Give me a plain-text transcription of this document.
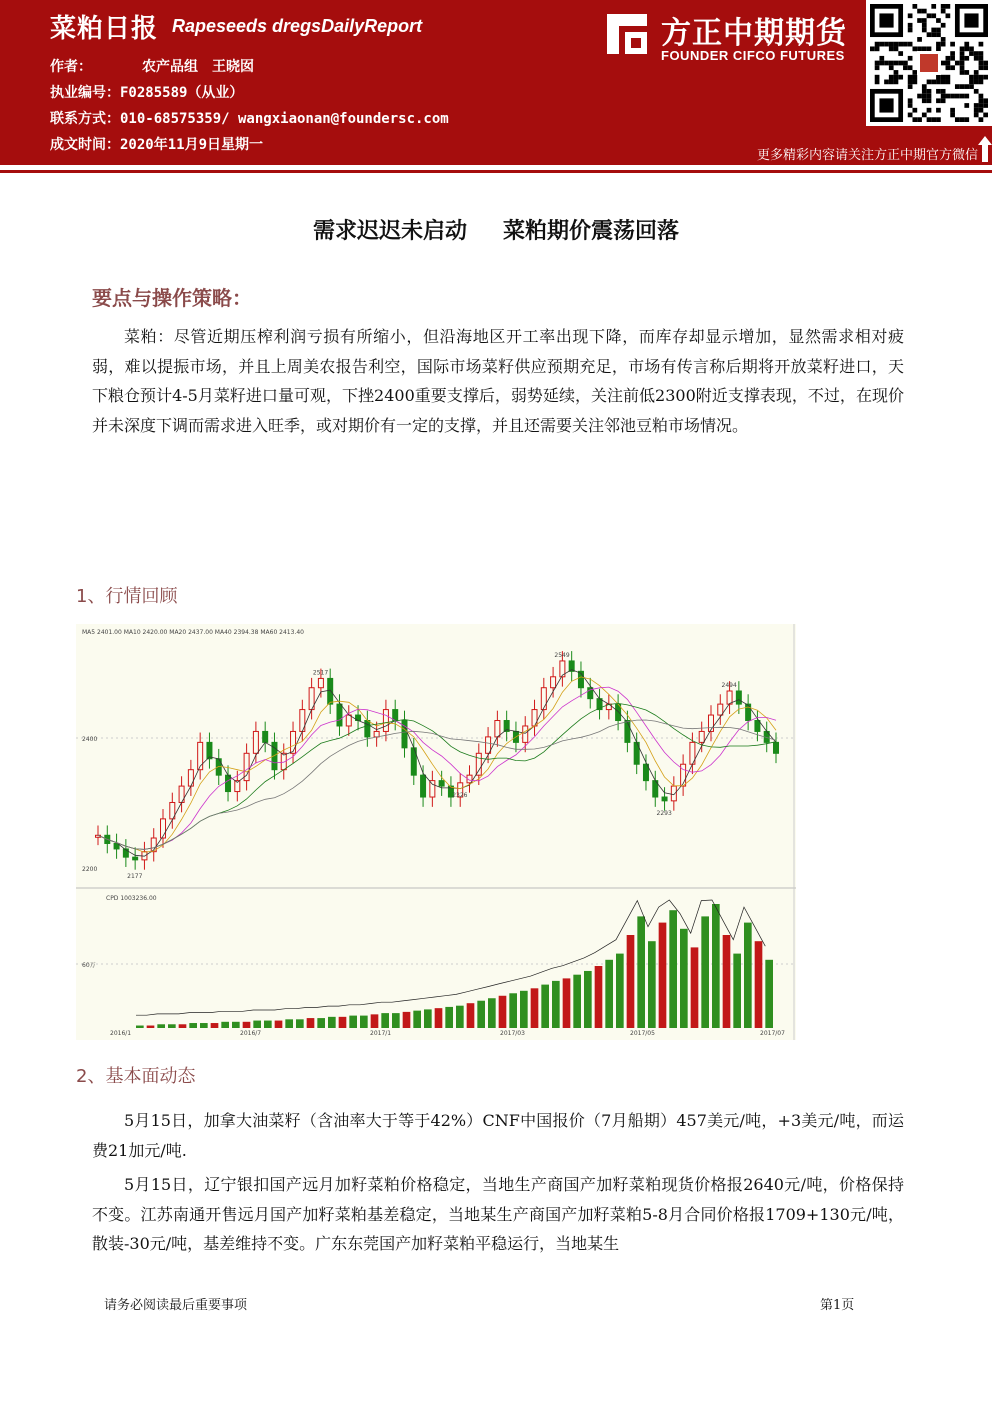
菜粕日报 Rapeseeds dregsDailyReport
作者：	农产品组　王晓囡
执业编号：F0285589（从业）
联系方式：010-68575359/ wangxiaonan@foundersc.com
成文时间：2020年11月9日星期一
方正中期期货
FOUNDER CIFCO FUTURES
更多精彩内容请关注方正中期官方微信
需求迟迟未启动 菜粕期价震荡回落
要点与操作策略：
菜粕：尽管近期压榨利润亏损有所缩小，但沿海地区开工率出现下降，而库存却显示增加，显然需求相对疲弱，难以提振市场，并且上周美农报告利空，国际市场菜籽供应预期充足，市场有传言称后期将开放菜籽进口，天下粮仓预计4-5月菜籽进口量可观，下挫2400重要支撑后，弱势延续，关注前低2300附近支撑表现，不过，在现价并未深度下调而需求进入旺季，或对期价有一定的支撑，并且还需要关注邻池豆粕市场情况。
1、行情回顾
MA5 2401.00 MA10 2420.00 MA20 2437.00 MA40 2394.38 MA60 2413.40
CPD 1003236.00
2400
2200
60万
2517
2549
2494
2326
2293
2177
2016/1	2016/7	2017/1	2017/03	2017/05	2017/07
2、基本面动态
5月15日，加拿大油菜籽（含油率大于等于42%）CNF中国报价（7月船期）457美元/吨，+3美元/吨，而运费21加元/吨.
5月15日，辽宁银扣国产远月加籽菜粕价格稳定，当地生产商国产加籽菜粕现货价格报2640元/吨，价格保持不变。江苏南通开售远月国产加籽菜粕基差稳定，当地某生产商国产加籽菜粕5-8月合同价格报1709+130元/吨，散装-30元/吨，基差维持不变。广东东莞国产加籽菜粕平稳运行，当地某生
请务必阅读最后重要事项	第1页
